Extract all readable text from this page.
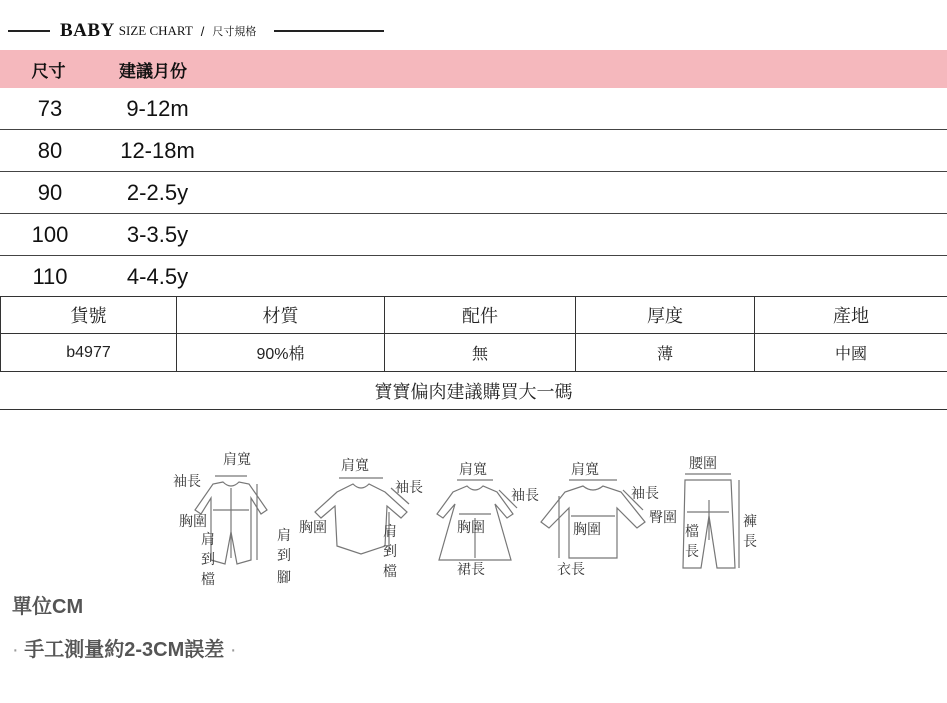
BABY SIZE CHART / 尺寸規格
尺寸	建議月份
73	9-12m
80	12-18m
90	2-2.5y
100	3-3.5y
110	4-4.5y
貨號	材質	配件	厚度	產地
b4977	90%棉	無	薄	中國
寶寶偏肉建議購買大一碼
肩寬
袖長
胸圍
肩
到
檔
肩
到
腳
肩寬
袖長
胸圍	肩
到
檔
肩寬
袖長
胸圍
裙長
肩寬
袖長
胸圍
衣長
腰圍
臀圍	褲
長
檔
長
單位CM
· 手工測量約2-3CM誤差 ·
